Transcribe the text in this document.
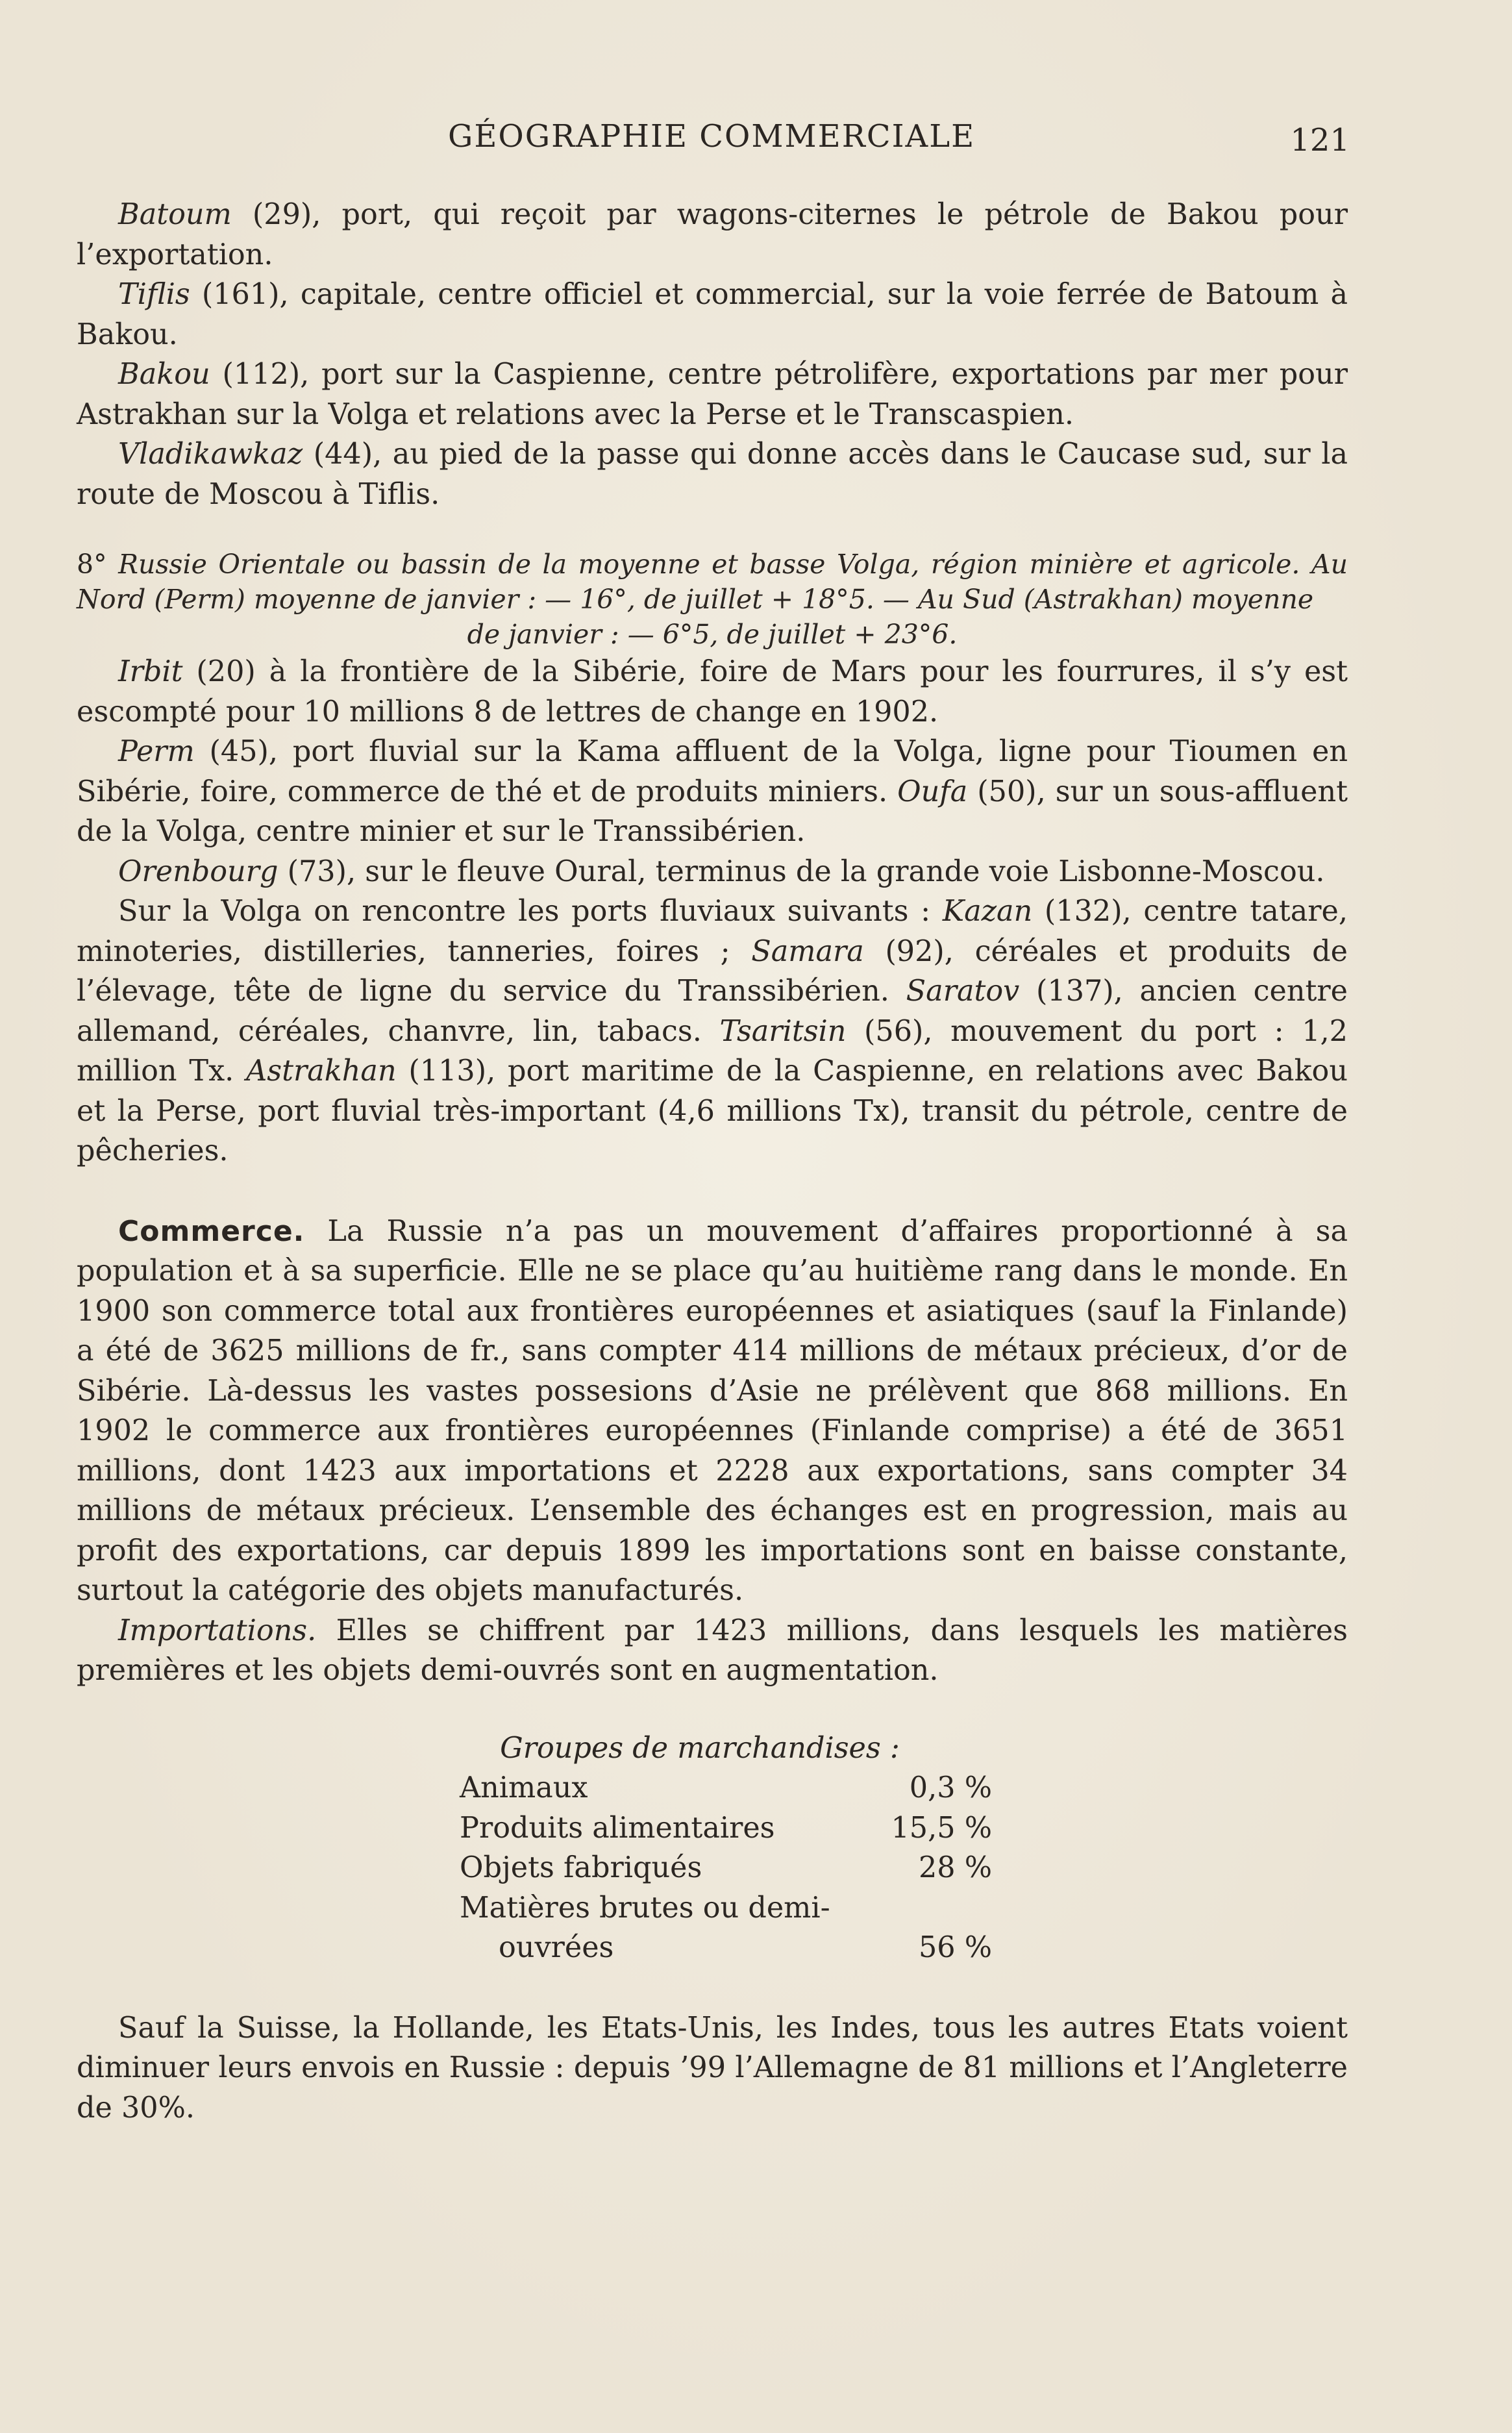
GÉOGRAPHIE COMMERCIALE	121

Batoum (29), port, qui reçoit par wagons-citernes le pétrole de Bakou pour l’exportation.

Tiflis (161), capitale, centre officiel et commercial, sur la voie ferrée de Batoum à Bakou.

Bakou (112), port sur la Caspienne, centre pétrolifère, exportations par mer pour Astrakhan sur la Volga et relations avec la Perse et le Transcaspien.

Vladikawkaz (44), au pied de la passe qui donne accès dans le Caucase sud, sur la route de Moscou à Tiflis.

8° Russie Orientale ou bassin de la moyenne et basse Volga, région minière et agricole. Au Nord (Perm) moyenne de janvier : — 16°, de juillet + 18°5. — Au Sud (Astrakhan) moyenne

de janvier : — 6°5, de juillet + 23°6.

Irbit (20) à la frontière de la Sibérie, foire de Mars pour les fourrures, il s’y est escompté pour 10 millions 8 de lettres de change en 1902.

Perm (45), port fluvial sur la Kama affluent de la Volga, ligne pour Tioumen en Sibérie, foire, commerce de thé et de produits miniers. Oufa (50), sur un sous-affluent de la Volga, centre minier et sur le Transsibérien.

Orenbourg (73), sur le fleuve Oural, terminus de la grande voie Lisbonne-Moscou.

Sur la Volga on rencontre les ports fluviaux suivants : Kazan (132), centre tatare, minoteries, distilleries, tanneries, foires ; Samara (92), céréales et produits de l’élevage, tête de ligne du service du Transsibérien. Saratov (137), ancien centre allemand, céréales, chanvre, lin, tabacs. Tsaritsin (56), mouvement du port : 1,2 million Tx. Astrakhan (113), port maritime de la Caspienne, en relations avec Bakou et la Perse, port fluvial très-important (4,6 millions Tx), transit du pétrole, centre de pêcheries.

Commerce. La Russie n’a pas un mouvement d’affaires proportionné à sa population et à sa superficie. Elle ne se place qu’au huitième rang dans le monde. En 1900 son commerce total aux frontières européennes et asiatiques (sauf la Finlande) a été de 3625 millions de fr., sans compter 414 millions de métaux précieux, d’or de Sibérie. Là-dessus les vastes possesions d’Asie ne prélèvent que 868 millions. En 1902 le commerce aux frontières européennes (Finlande comprise) a été de 3651 millions, dont 1423 aux importations et 2228 aux exportations, sans compter 34 millions de métaux précieux. L’ensemble des échanges est en progression, mais au profit des exportations, car depuis 1899 les importations sont en baisse constante, surtout la catégorie des objets manufacturés.

Importations. Elles se chiffrent par 1423 millions, dans lesquels les matières premières et les objets demi-ouvrés sont en augmentation.

Groupes de marchandises :
Animaux	0,3 %
Produits alimentaires	15,5 %
Objets fabriqués	28 %
Matières brutes ou demi-
ouvrées	56 %

Sauf la Suisse, la Hollande, les Etats-Unis, les Indes, tous les autres Etats voient diminuer leurs envois en Russie : depuis ’99 l’Allemagne de 81 millions et l’Angleterre de 30%.
